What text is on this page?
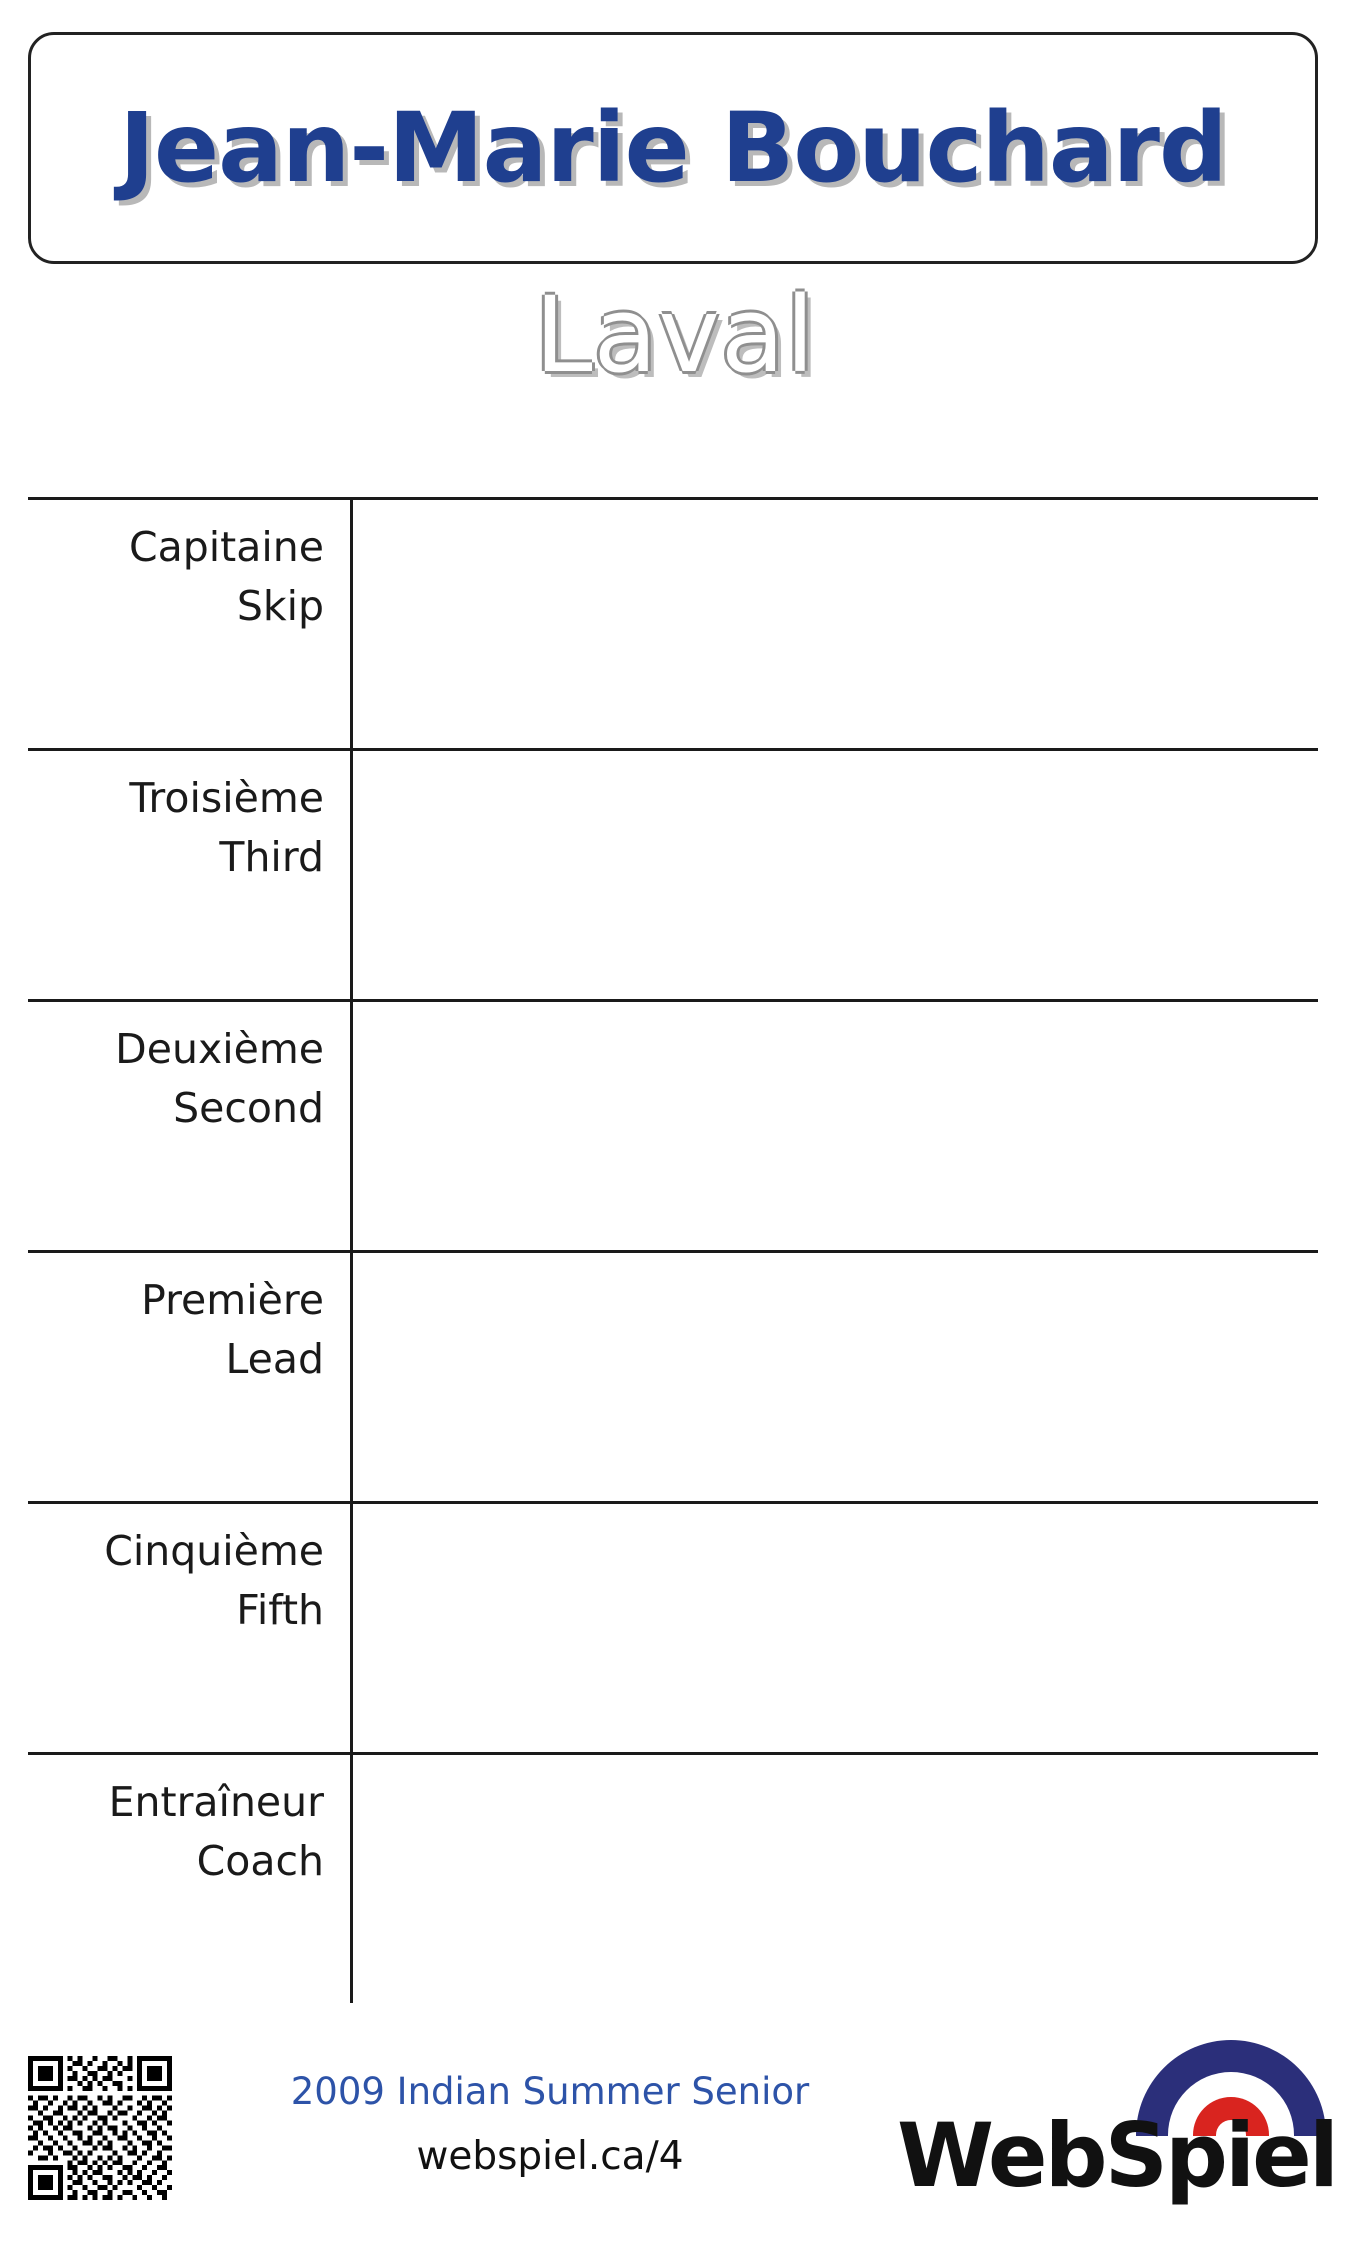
Jean-Marie Bouchard
Laval
Capitaine
Skip
Troisième
Third
Deuxième
Second
Première
Lead
Cinquième
Fifth
Entraîneur
Coach
2009 Indian Summer Senior
webspiel.ca/4	WebSpiel
